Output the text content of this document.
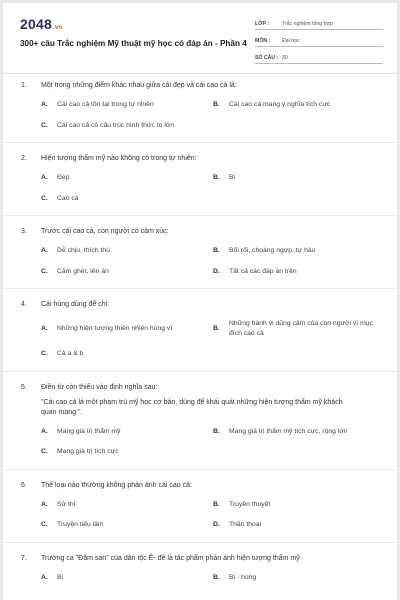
2048.vn
300+ câu Trắc nghiệm Mỹ thuật mỹ học có đáp án - Phần 4
LỚP :	Trắc nghiệm tổng hợp
MÔN :	Đại học
SỐ CÂU : 30
1.	Một trong những điểm khác nhau giữa cái đẹp và cái cao cả là:
A.	Cái cao cả tồn tại trong tự nhiên	B.	Cái cao cả mang ý nghĩa tích cực
C.	Cái cao cả có cấu trúc hình thức to lớn
2.	Hiện tượng thẩm mỹ nào không có trong tự nhiên:
A.	Đẹp	B.	Bi
C.	Cao cả
3.	Trước cái cao cả, con người có cảm xúc:
A.	Dễ chịu, thích thú	B.	Bối rối, choáng ngợp, tự hào
C.	Căm ghét, lên án	D.	Tất cả các đáp án trên
4.	Cái hùng dùng để chỉ:
A.	Những hiện tượng thiên nhiên hùng vĩ	B.
Những hành vi dũng cảm của con người vì mục đích cao cả
C.	Cả a & b
5.	Điền từ còn thiếu vào định nghĩa sau:
"Cái cao cả là một phạm trù mỹ học cơ bản, dùng để khái quát những hiện tượng thẩm mỹ khách quan mang ".
A.	Mang giá trị thẩm mỹ	B.	Mang giá trị thẩm mỹ tích cực, rộng lớn
C.	Mang giá trị tích cực
6.	Thể loại nào thường không phản ánh cái cao cả:
A.	Sử thi	B.	Truyền thuyết
C.	Truyện tiếu lâm	D.	Thần thoại
7.	Trường ca "Đăm san" của dân tộc Ê- đê là tác phẩm phản ánh hiện tượng thẩm mỹ
A.	Bi	B.	Bi - hùng
